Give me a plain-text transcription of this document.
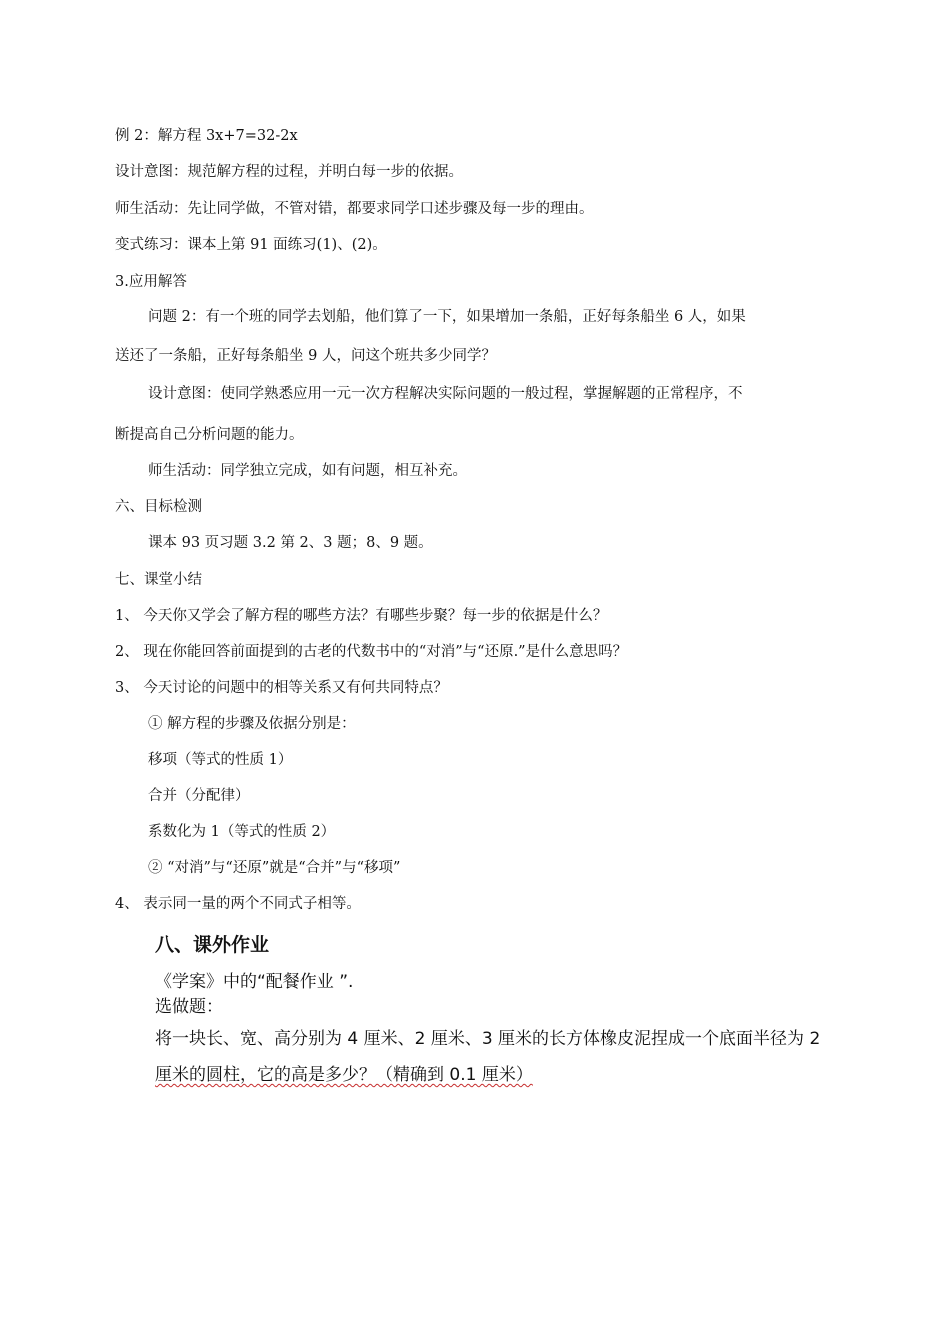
例 2：解方程 3x+7=32-2x
设计意图：规范解方程的过程，并明白每一步的依据。
师生活动：先让同学做，不管对错，都要求同学口述步骤及每一步的理由。
变式练习：课本上第 91 面练习(1)、(2)。
3.应用解答
问题 2：有一个班的同学去划船，他们算了一下，如果增加一条船，正好每条船坐 6 人，如果
送还了一条船，正好每条船坐 9 人，问这个班共多少同学？
设计意图：使同学熟悉应用一元一次方程解决实际问题的一般过程，掌握解题的正常程序，不
断提高自己分析问题的能力。
师生活动：同学独立完成，如有问题，相互补充。
六、目标检测
课本 93 页习题 3.2 第 2、3 题；8、9 题。
七、课堂小结
1、 今天你又学会了解方程的哪些方法？有哪些步聚？每一步的依据是什么？
2、 现在你能回答前面提到的古老的代数书中的“对消”与“还原.”是什么意思吗？
3、 今天讨论的问题中的相等关系又有何共同特点？
① 解方程的步骤及依据分别是：
移项（等式的性质 1）
合并（分配律）
系数化为 1（等式的性质 2）
② “对消”与“还原”就是“合并”与“移项”
4、 表示同一量的两个不同式子相等。
八、课外作业
《学案》中的“配餐作业 ”.
选做题：
将一块长、宽、高分别为 4 厘米、2 厘米、3 厘米的长方体橡皮泥捏成一个底面半径为 2
厘米的圆柱，它的高是多少？（精确到 0.1 厘米）
